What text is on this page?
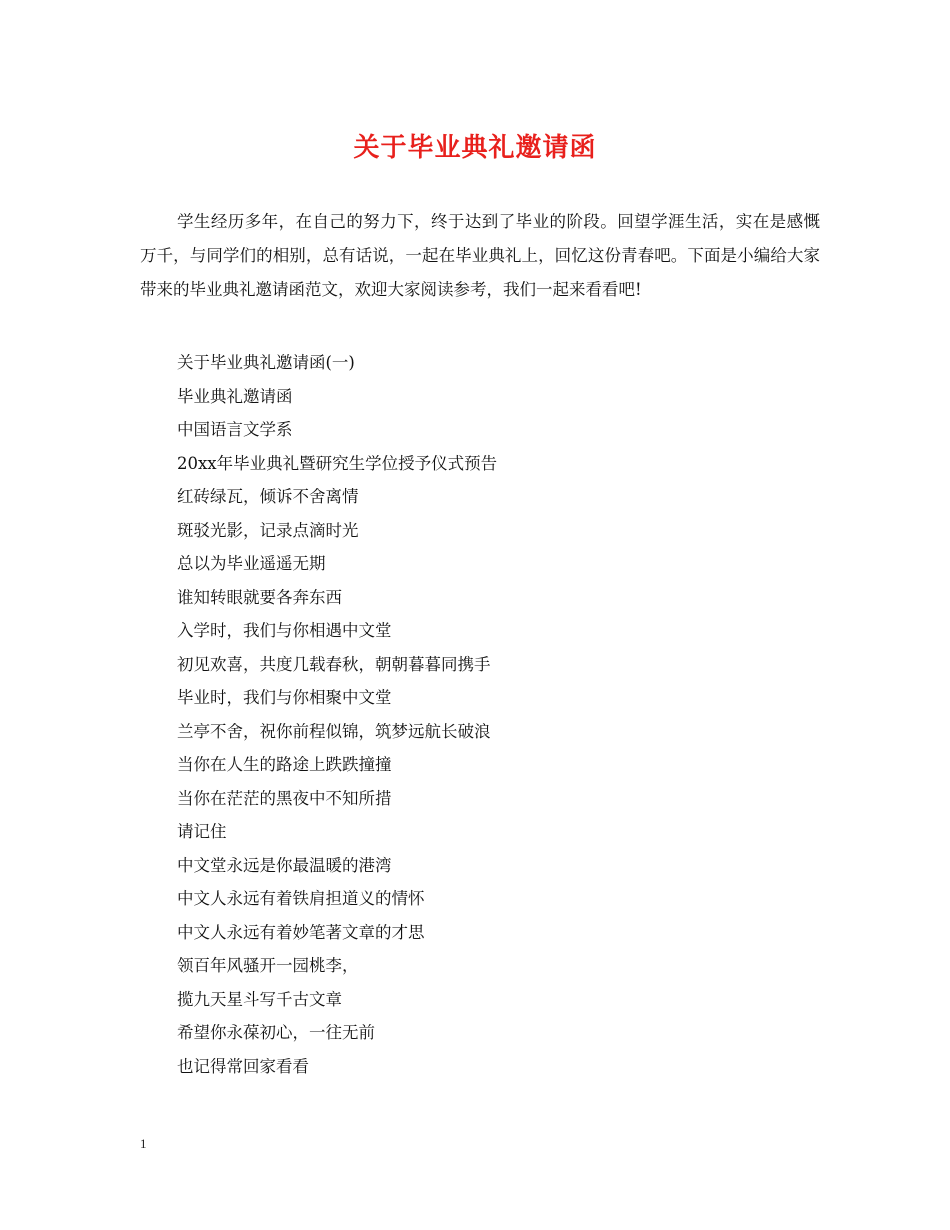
关于毕业典礼邀请函

学生经历多年，在自己的努力下，终于达到了毕业的阶段。回望学涯生活，实在是感慨万千，与同学们的相别，总有话说，一起在毕业典礼上，回忆这份青春吧。下面是小编给大家带来的毕业典礼邀请函范文，欢迎大家阅读参考，我们一起来看看吧!

关于毕业典礼邀请函(一)
毕业典礼邀请函
中国语言文学系
20xx年毕业典礼暨研究生学位授予仪式预告
红砖绿瓦，倾诉不舍离情
斑驳光影，记录点滴时光
总以为毕业遥遥无期
谁知转眼就要各奔东西
入学时，我们与你相遇中文堂
初见欢喜，共度几载春秋，朝朝暮暮同携手
毕业时，我们与你相聚中文堂
兰亭不舍，祝你前程似锦，筑梦远航长破浪
当你在人生的路途上跌跌撞撞
当你在茫茫的黑夜中不知所措
请记住
中文堂永远是你最温暖的港湾
中文人永远有着铁肩担道义的情怀
中文人永远有着妙笔著文章的才思
领百年风骚开一园桃李，
揽九天星斗写千古文章
希望你永葆初心，一往无前
也记得常回家看看
1
